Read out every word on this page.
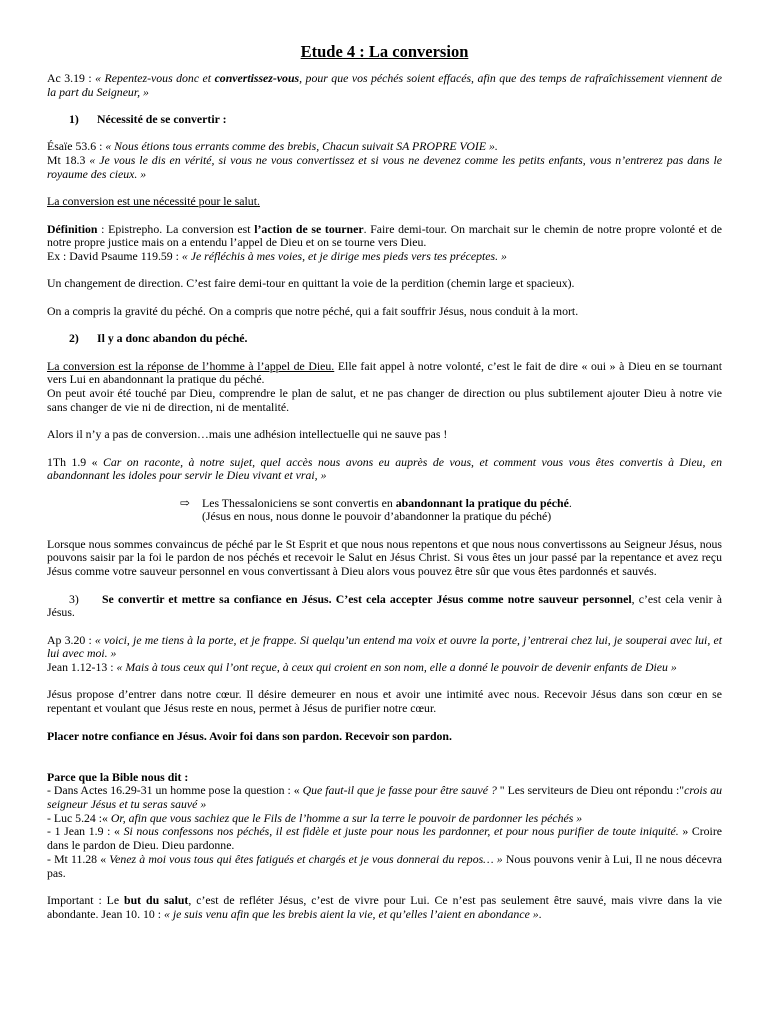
Etude 4 : La conversion

Ac 3.19 : « Repentez-vous donc et convertissez-vous, pour que vos péchés soient effacés, afin que des temps de rafraîchissement viennent de la part du Seigneur, »

1) Nécessité de se convertir :

Ésaïe 53.6 : « Nous étions tous errants comme des brebis, Chacun suivait SA PROPRE VOIE ».

Mt 18.3 « Je vous le dis en vérité, si vous ne vous convertissez et si vous ne devenez comme les petits enfants, vous n’entrerez pas dans le royaume des cieux. »

La conversion est une nécessité pour le salut.

Définition : Epistrepho. La conversion est l’action de se tourner. Faire demi-tour. On marchait sur le chemin de notre propre volonté et de notre propre justice mais on a entendu l’appel de Dieu et on se tourne vers Dieu.

Ex : David Psaume 119.59 : « Je réfléchis à mes voies, et je dirige mes pieds vers tes préceptes. »

Un changement de direction. C’est faire demi-tour en quittant la voie de la perdition (chemin large et spacieux).

On a compris la gravité du péché. On a compris que notre péché, qui a fait souffrir Jésus, nous conduit à la mort.

2) Il y a donc abandon du péché.

La conversion est la réponse de l’homme à l’appel de Dieu. Elle fait appel à notre volonté, c’est le fait de dire « oui » à Dieu en se tournant vers Lui en abandonnant la pratique du péché.

On peut avoir été touché par Dieu, comprendre le plan de salut, et ne pas changer de direction ou plus subtilement ajouter Dieu à notre vie sans changer de vie ni de direction, ni de mentalité.

Alors il n’y a pas de conversion…mais une adhésion intellectuelle qui ne sauve pas !

1Th 1.9 « Car on raconte, à notre sujet, quel accès nous avons eu auprès de vous, et comment vous vous êtes convertis à Dieu, en abandonnant les idoles pour servir le Dieu vivant et vrai, »

⇨ Les Thessaloniciens se sont convertis en abandonnant la pratique du péché.

(Jésus en nous, nous donne le pouvoir d’abandonner la pratique du péché)

Lorsque nous sommes convaincus de péché par le St Esprit et que nous nous repentons et que nous nous convertissons au Seigneur Jésus, nous pouvons saisir par la foi le pardon de nos péchés et recevoir le Salut en Jésus Christ. Si vous êtes un jour passé par la repentance et avez reçu Jésus comme votre sauveur personnel en vous convertissant à Dieu alors vous pouvez être sûr que vous êtes pardonnés et sauvés.

3) Se convertir et mettre sa confiance en Jésus. C’est cela accepter Jésus comme notre sauveur personnel, c’est cela venir à Jésus.

Ap 3.20 : « voici, je me tiens à la porte, et je frappe. Si quelqu’un entend ma voix et ouvre la porte, j’entrerai chez lui, je souperai avec lui, et lui avec moi. »

Jean 1.12-13 : « Mais à tous ceux qui l’ont reçue, à ceux qui croient en son nom, elle a donné le pouvoir de devenir enfants de Dieu »

Jésus propose d’entrer dans notre cœur. Il désire demeurer en nous et avoir une intimité avec nous. Recevoir Jésus dans son cœur en se repentant et voulant que Jésus reste en nous, permet à Jésus de purifier notre cœur.

Placer notre confiance en Jésus. Avoir foi dans son pardon. Recevoir son pardon.

Parce que la Bible nous dit :

- Dans Actes 16.29-31 un homme pose la question : « Que faut-il que je fasse pour être sauvé ? " Les serviteurs de Dieu ont répondu :"crois au seigneur Jésus et tu seras sauvé »

- Luc 5.24 :« Or, afin que vous sachiez que le Fils de l’homme a sur la terre le pouvoir de pardonner les péchés »

- 1 Jean 1.9 : « Si nous confessons nos péchés, il est fidèle et juste pour nous les pardonner, et pour nous purifier de toute iniquité. » Croire dans le pardon de Dieu. Dieu pardonne.

- Mt 11.28 « Venez à moi vous tous qui êtes fatigués et chargés et je vous donnerai du repos… » Nous pouvons venir à Lui, Il ne nous décevra pas.

Important : Le but du salut, c’est de refléter Jésus, c’est de vivre pour Lui. Ce n’est pas seulement être sauvé, mais vivre dans la vie abondante. Jean 10. 10 : « je suis venu afin que les brebis aient la vie, et qu’elles l’aient en abondance ».
